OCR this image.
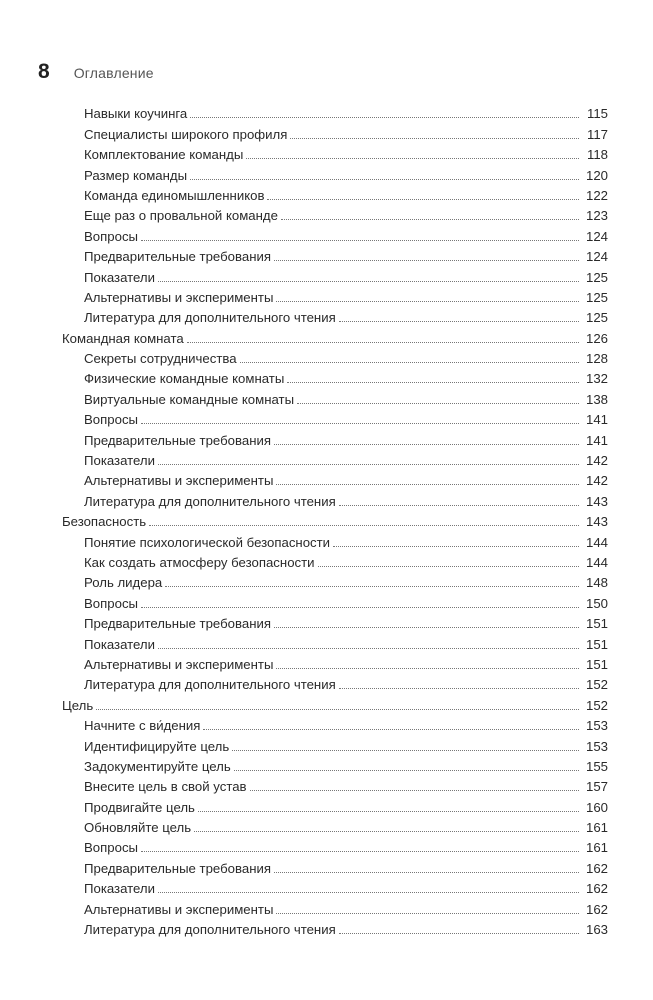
8 Оглавление
Навыки коучинга	115
Специалисты широкого профиля	117
Комплектование команды	118
Размер команды	120
Команда единомышленников	122
Еще раз о провальной команде	123
Вопросы	124
Предварительные требования	124
Показатели	125
Альтернативы и эксперименты	125
Литература для дополнительного чтения	125
Командная комната	126
Секреты сотрудничества	128
Физические командные комнаты	132
Виртуальные командные комнаты	138
Вопросы	141
Предварительные требования	141
Показатели	142
Альтернативы и эксперименты	142
Литература для дополнительного чтения	143
Безопасность	143
Понятие психологической безопасности	144
Как создать атмосферу безопасности	144
Роль лидера	148
Вопросы	150
Предварительные требования	151
Показатели	151
Альтернативы и эксперименты	151
Литература для дополнительного чтения	152
Цель	152
Начните с ви́дения	153
Идентифицируйте цель	153
Задокументируйте цель	155
Внесите цель в свой устав	157
Продвигайте цель	160
Обновляйте цель	161
Вопросы	161
Предварительные требования	162
Показатели	162
Альтернативы и эксперименты	162
Литература для дополнительного чтения	163
